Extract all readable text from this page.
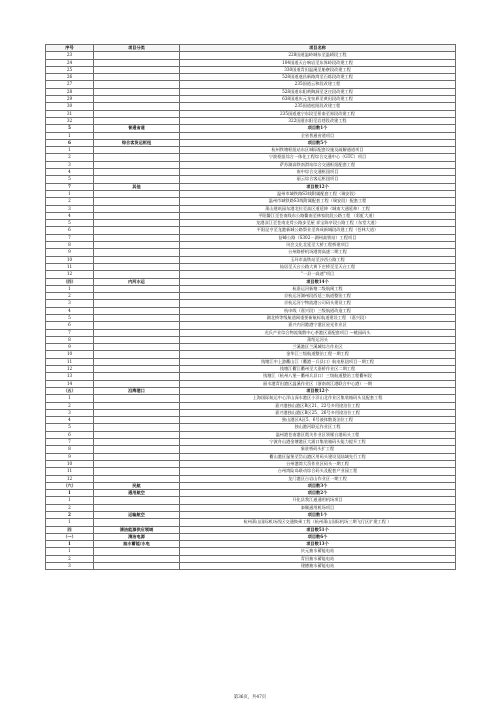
序号	项目分类	项目名称
23		228国道温岭城东至温峤段工程
24		104国道天台响岩至东界岭段改建工程
25		330国道青田温溪至船寮段改建工程
26		528国道遂昌新路湾至石练段改建工程
27		235国道云和段改建工程
28		528国道东阳黄陶洞至芝庄段改建工程
29		638国道庆元龙泉界至黄田段改建工程
30		235国道松阳段改建工程
31		235国道遂宁东段至景泰至界段改建工程
32		322国道东阳至岩巷段改建工程
5	普通省道	项目数1个
1		全省普通省道项目
6	综合客货运枢纽	项目数5个
1		杭州铁塘枢纽站东区城际配套设施及疏解通道项目
2		宁波枢纽综合一体化工程综合交通中心（GTC）项目
3		萨苏湖高铁南滑站综合交通枢纽配套工程
4		南中综合交通枢纽项目
5		丽云综合客运枢纽项目
7	其他	项目数12个
1		温州市域铁路S3线附属配套工程（瑞安段）
2		温州市域铁路S3线附属配套工程（瑞安段）配套工程
3		萧山建筑园东港北拉至高区道延伸（城南大通延伸）工程
4		平阳鳌江至苍南线东公路鳌南至林家院段公路工程 （彩虹大道）
5		龙港凉江至苍南龙骨公路步至屋 祥宝陈亭段公路工程（东堂大道）
6		平阳昆亨至龙港新城公路祭业至奔成新城段改建工程（苍林大道）
7		舒峰公路（S302－湖州高铁站）工程项目
8		风会文化北延至大桥工程桥建项目
9		台州路桥机场港湾高速二期工程
10		玉环市高铁站至沙西公路工程
11		仙居至天台公路大黄下庄桥至至天台工程
12		"一县一高速"项目
（四）	内河水运	项目数14个
1		杭嘉运河新塘二级航闸工程
2		京杭运河湖州段西延三航道整治工程
3		京杭运河宁物流港公司码头建设工程
4		杭申线（嘉兴段）三级航道改造工程
5		湖北桥等级航道网重要新航标航道建设工程 （嘉兴段）
6		嘉兴内河港港宁港区星光作业区
7		光氏产业综合物流集散中心茶港区嘉配套项目 —桃园码头
8		萧绍运河头
9		兰溪港区兰溪城综合作业区
10		金华江三级航道整治工程一期工程
11		钱塘江中上游衢山江（衢港－兵县口）航电枢纽项目一期工程
12		钱塘江衢江衢州至大嘉桥作业区二期工程
13		钱塘江（杭州八堡－衢州兵县口）三级航道整治工程衢州段
14		丽水港青田港区温溪作业区（浙南南江港联合中心港）一期
（五）	沿海港口	项目数12个
1		上海国际航运中心洋山深水港区小洋山北作业区集装箱码头及配套工程
2		嘉兴港独山港区B区21、22号多用途泊位工程
3		嘉兴港独山港区B区25、26号多用途泊位工程
4		独山港区A区5、6号液体散货泊位工程
5		独山港河联运作业区工程
6		温州港苍南港区霞关作业区领雁台港码头工程
7		宁波舟山港金塘港区大浦口集装箱码头能力提升工程
8		象驻桥码头扩工程
9		衢山港区鼠堡至岱山港区用码头建设及陆域先行工程
10		台州港湾大岙作业区码头一期工程
11		台州湾险岛联动综合码头及配套产业园工程
12		龙门港区台岩山作业区一期工程
（六）	民航	项目数3个
1	通用航空	项目数2个
1		开化县我江通通用机场项目
2		泰顺通用机场项目
2	运输航空	项目数1个
1		杭州萧山国际机场西区交通换乘工程（杭州萧山国际机场三期飞行区扩建工程 ）
四	清洁能源供应领域	项目数51个
（一）	清洁电源	项目数6个
1	抽水蓄能/水电	项目数13个
1		庆元抽水蓄能电站
2		青田抽水蓄能电站
3		建德抽水蓄能电站
第36页，共47页
